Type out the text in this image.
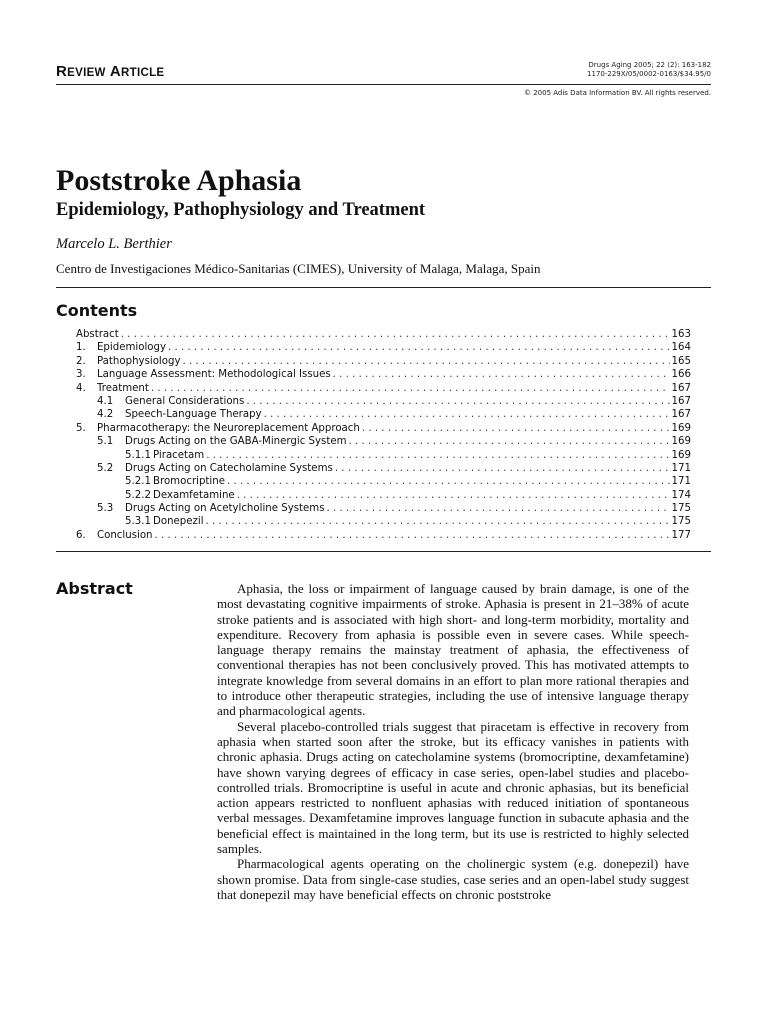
REVIEW ARTICLE
Drugs Aging 2005; 22 (2): 163-182
1170-229X/05/0002-0163/$34.95/0
© 2005 Adis Data Information BV. All rights reserved.
Poststroke Aphasia
Epidemiology, Pathophysiology and Treatment
Marcelo L. Berthier
Centro de Investigaciones Médico-Sanitarias (CIMES), University of Malaga, Malaga, Spain
Contents
Abstract . . .	163
1.	Epidemiology . . .	164
2.	Pathophysiology . . .	165
3.	Language Assessment: Methodological Issues . . .	166
4.	Treatment . . .	167
4.1	General Considerations . . .	167
4.2	Speech-Language Therapy . . .	167
5.	Pharmacotherapy: the Neuroreplacement Approach . . .	169
5.1	Drugs Acting on the GABA-Minergic System . . .	169
5.1.1 Piracetam . . .	169
5.2	Drugs Acting on Catecholamine Systems . . .	171
5.2.1 Bromocriptine . . .	171
5.2.2 Dexamfetamine . . .	174
5.3	Drugs Acting on Acetylcholine Systems . . .	175
5.3.1 Donepezil . . .	175
6.	Conclusion . . .	177
Abstract	Aphasia, the loss or impairment of language caused by brain damage, is one of the most devastating cognitive impairments of stroke. Aphasia is present in 21–38% of acute stroke patients and is associated with high short- and long-term morbidity, mortality and expenditure. Recovery from aphasia is possible even in severe cases. While speech-language therapy remains the mainstay treatment of aphasia, the effectiveness of conventional therapies has not been conclusively proved. This has motivated attempts to integrate knowledge from several domains in an effort to plan more rational therapies and to introduce other therapeutic strategies, including the use of intensive language therapy and pharmacological agents.

Several placebo-controlled trials suggest that piracetam is effective in recovery from aphasia when started soon after the stroke, but its efficacy vanishes in patients with chronic aphasia. Drugs acting on catecholamine systems (bromocriptine, dexamfetamine) have shown varying degrees of efficacy in case series, open-label studies and placebo-controlled trials. Bromocriptine is useful in acute and chronic aphasias, but its beneficial action appears restricted to nonfluent aphasias with reduced initiation of spontaneous verbal messages. Dexamfetamine improves language function in subacute aphasia and the beneficial effect is maintained in the long term, but its use is restricted to highly selected samples.

Pharmacological agents operating on the cholinergic system (e.g. donepezil) have shown promise. Data from single-case studies, case series and an open-label study suggest that donepezil may have beneficial effects on chronic poststroke
